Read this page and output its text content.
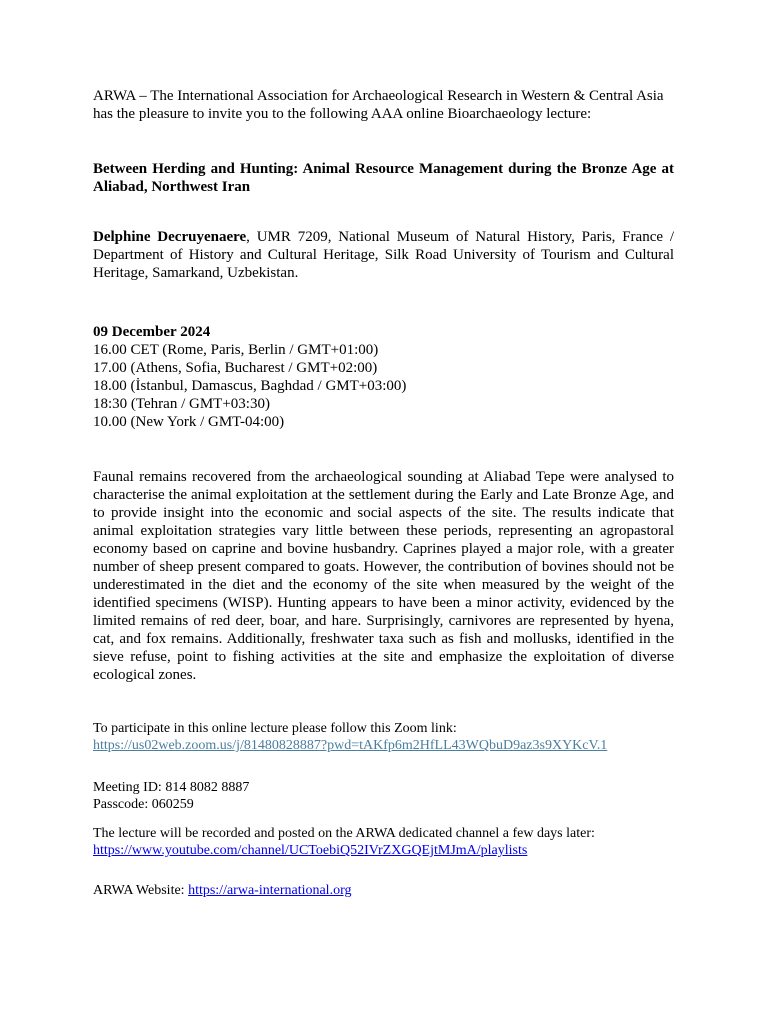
ARWA – The International Association for Archaeological Research in Western & Central Asia has the pleasure to invite you to the following AAA online Bioarchaeology lecture:
Between Herding and Hunting: Animal Resource Management during the Bronze Age at Aliabad, Northwest Iran
Delphine Decruyenaere, UMR 7209, National Museum of Natural History, Paris, France / Department of History and Cultural Heritage, Silk Road University of Tourism and Cultural Heritage, Samarkand, Uzbekistan.
09 December 2024
16.00 CET (Rome, Paris, Berlin / GMT+01:00)
17.00 (Athens, Sofia, Bucharest / GMT+02:00)
18.00 (İstanbul, Damascus, Baghdad / GMT+03:00)
18:30 (Tehran / GMT+03:30)
10.00 (New York / GMT-04:00)
Faunal remains recovered from the archaeological sounding at Aliabad Tepe were analysed to characterise the animal exploitation at the settlement during the Early and Late Bronze Age, and to provide insight into the economic and social aspects of the site. The results indicate that animal exploitation strategies vary little between these periods, representing an agropastoral economy based on caprine and bovine husbandry. Caprines played a major role, with a greater number of sheep present compared to goats. However, the contribution of bovines should not be underestimated in the diet and the economy of the site when measured by the weight of the identified specimens (WISP). Hunting appears to have been a minor activity, evidenced by the limited remains of red deer, boar, and hare. Surprisingly, carnivores are represented by hyena, cat, and fox remains. Additionally, freshwater taxa such as fish and mollusks, identified in the sieve refuse, point to fishing activities at the site and emphasize the exploitation of diverse ecological zones.
To participate in this online lecture please follow this Zoom link:
https://us02web.zoom.us/j/81480828887?pwd=tAKfp6m2HfLL43WQbuD9az3s9XYKcV.1
Meeting ID: 814 8082 8887
Passcode: 060259
The lecture will be recorded and posted on the ARWA dedicated channel a few days later:
https://www.youtube.com/channel/UCToebiQ52IVrZXGQEjtMJmA/playlists
ARWA Website: https://arwa-international.org
